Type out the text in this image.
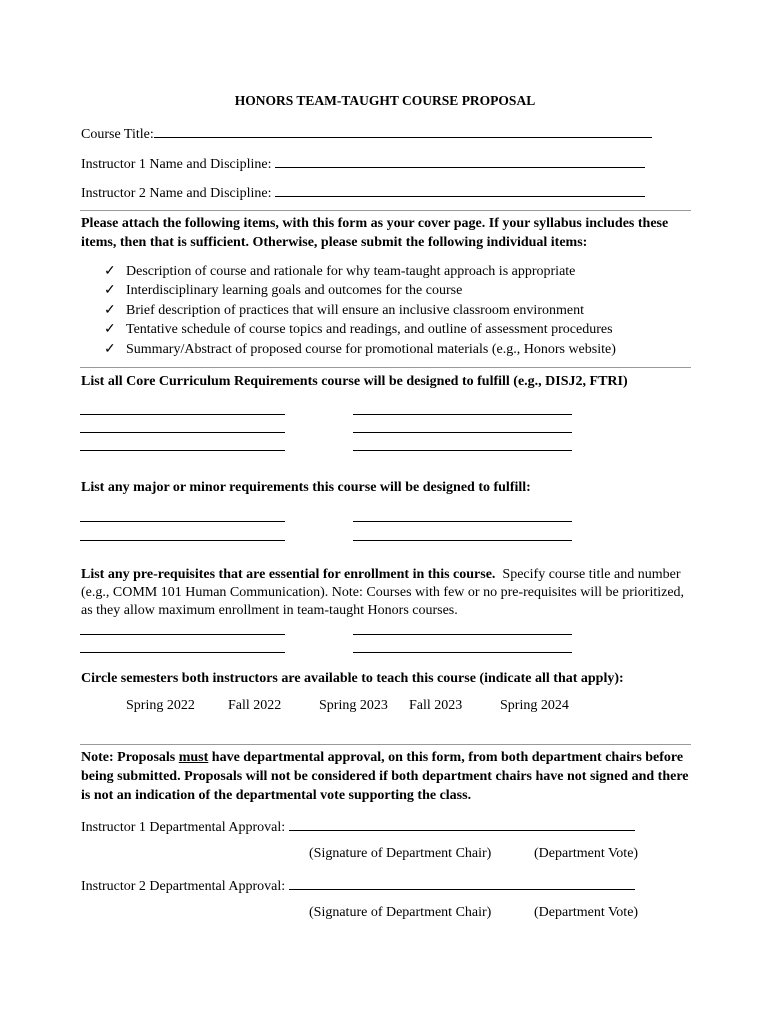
HONORS TEAM-TAUGHT COURSE PROPOSAL
Course Title:
Instructor 1 Name and Discipline:
Instructor 2 Name and Discipline:
Please attach the following items, with this form as your cover page. If your syllabus includes these items, then that is sufficient. Otherwise, please submit the following individual items:
✓ Description of course and rationale for why team-taught approach is appropriate
✓ Interdisciplinary learning goals and outcomes for the course
✓ Brief description of practices that will ensure an inclusive classroom environment
✓ Tentative schedule of course topics and readings, and outline of assessment procedures
✓ Summary/Abstract of proposed course for promotional materials (e.g., Honors website)
List all Core Curriculum Requirements course will be designed to fulfill (e.g., DISJ2, FTRI)
List any major or minor requirements this course will be designed to fulfill:
List any pre-requisites that are essential for enrollment in this course. Specify course title and number (e.g., COMM 101 Human Communication). Note: Courses with few or no pre-requisites will be prioritized, as they allow maximum enrollment in team-taught Honors courses.
Circle semesters both instructors are available to teach this course (indicate all that apply):
Spring 2022 Fall 2022	Spring 2023 Fall 2023	Spring 2024
Note: Proposals must have departmental approval, on this form, from both department chairs before being submitted. Proposals will not be considered if both department chairs have not signed and there is not an indication of the departmental vote supporting the class.
Instructor 1 Departmental Approval:
(Signature of Department Chair)	(Department Vote)
Instructor 2 Departmental Approval:
(Signature of Department Chair)	(Department Vote)
